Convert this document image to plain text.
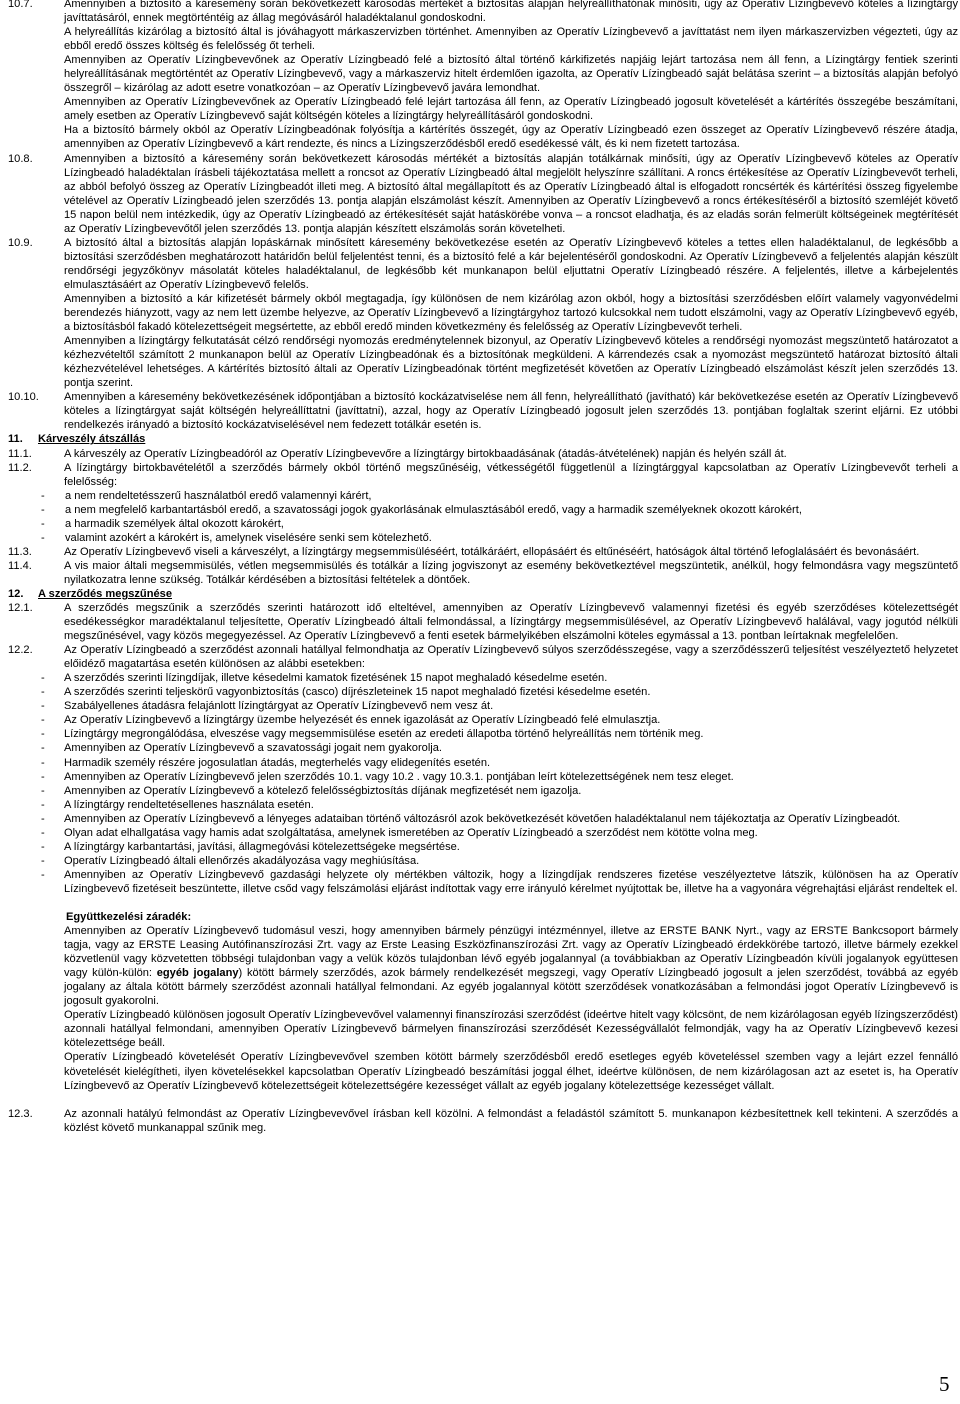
10.7.	Amennyiben a biztosító a káresemény során bekövetkezett károsodás mértékét a biztosítás alapján helyreállíthatónak minősíti, úgy az Operatív Lízingbevevő köteles a lízingtárgy javíttatásáról, ennek megtörténtéig az állag megóvásáról haladéktalanul gondoskodni.
A helyreállítás kizárólag a biztosító által is jóváhagyott márkaszervizben történhet. Amennyiben az Operatív Lízingbevevő a javíttatást nem ilyen márkaszervizben végezteti, úgy az ebből eredő összes költség és felelősség őt terheli.
Amennyiben az Operatív Lízingbevevőnek az Operatív Lízingbeadó felé a biztosító által történő kárkifizetés napjáig lejárt tartozása nem áll fenn, a Lízingtárgy fentiek szerinti helyreállításának megtörténtét az Operatív Lízingbevevő, vagy a márkaszerviz hitelt érdemlően igazolta, az Operatív Lízingbeadó saját belátása szerint – a biztosítás alapján befolyó összegről – kizárólag az adott esetre vonatkozóan – az Operatív Lízingbevevő javára lemondhat.
Amennyiben az Operatív Lízingbevevőnek az Operatív Lízingbeadó felé lejárt tartozása áll fenn, az Operatív Lízingbeadó jogosult követelését a kártérítés összegébe beszámítani, amely esetben az Operatív Lízingbevevő saját költségén köteles a lízingtárgy helyreállításáról gondoskodni.
Ha a biztosító bármely okból az Operatív Lízingbeadónak folyósítja a kártérítés összegét, úgy az Operatív Lízingbeadó ezen összeget az Operatív Lízingbevevő részére átadja, amennyiben az Operatív Lízingbevevő a kárt rendezte, és nincs a Lízingszerződésből eredő esedékessé vált, és ki nem fizetett tartozása.
10.8.	Amennyiben a biztosító a káresemény során bekövetkezett károsodás mértékét a biztosítás alapján totálkárnak minősíti, úgy az Operatív Lízingbevevő köteles az Operatív Lízingbeadó haladéktalan írásbeli tájékoztatása mellett a roncsot az Operatív Lízingbeadó által megjelölt helyszínre szállítani. A roncs értékesítése az Operatív Lízingbevevőt terheli, az abból befolyó összeg az Operatív Lízingbeadót illeti meg. A biztosító által megállapított és az Operatív Lízingbeadó által is elfogadott roncsérték és kártérítési összeg figyelembe vételével az Operatív Lízingbeadó jelen szerződés 13. pontja alapján elszámolást készít. Amennyiben az Operatív Lízingbevevő a roncs értékesítéséről a biztosító szemléjét követő 15 napon belül nem intézkedik, úgy az Operatív Lízingbeadó az értékesítését saját hatáskörébe vonva – a roncsot eladhatja, és az eladás során felmerült költségeinek megtérítését az Operatív Lízingbevevőtől jelen szerződés 13. pontja alapján készített elszámolás során követelheti.
10.9.	A biztosító által a biztosítás alapján lopáskárnak minősített káresemény bekövetkezése esetén az Operatív Lízingbevevő köteles a tettes ellen haladéktalanul, de legkésőbb a biztosítási szerződésben meghatározott határidőn belül feljelentést tenni, és a biztosító felé a kár bejelentéséről gondoskodni. Az Operatív Lízingbevevő a feljelentés alapján készült rendőrségi jegyzőkönyv másolatát köteles haladéktalanul, de legkésőbb két munkanapon belül eljuttatni Operatív Lízingbeadó részére. A feljelentés, illetve a kárbejelentés elmulasztásáért az Operatív Lízingbevevő felelős.
Amennyiben a biztosító a kár kifizetését bármely okból megtagadja, így különösen de nem kizárólag azon okból, hogy a biztosítási szerződésben előírt valamely vagyonvédelmi berendezés hiányzott, vagy az nem lett üzembe helyezve, az Operatív Lízingbevevő a lízingtárgyhoz tartozó kulcsokkal nem tudott elszámolni, vagy az Operatív Lízingbevevő egyéb, a biztosításból fakadó kötelezettségeit megsértette, az ebből eredő minden következmény és felelősség az Operatív Lízingbevevőt terheli.
Amennyiben a lízingtárgy felkutatását célzó rendőrségi nyomozás eredménytelennek bizonyul, az Operatív Lízingbevevő köteles a rendőrségi nyomozást megszüntető határozatot a kézhezvételtől számított 2 munkanapon belül az Operatív Lízingbeadónak és a biztosítónak megküldeni. A kárrendezés csak a nyomozást megszüntető határozat biztosító általi kézhezvételével lehetséges. A kártérítés biztosító általi az Operatív Lízingbeadónak történt megfizetését követően az Operatív Lízingbeadó elszámolást készít jelen szerződés 13. pontja szerint.
10.10. Amennyiben a káresemény bekövetkezésének időpontjában a biztosító kockázatviselése nem áll fenn, helyreállítható (javítható) kár bekövetkezése esetén az Operatív Lízingbevevő köteles a lízingtárgyat saját költségén helyreállíttatni (javíttatni), azzal, hogy az Operatív Lízingbeadó jogosult jelen szerződés 13. pontjában foglaltak szerint eljárni. Ez utóbbi rendelkezés irányadó a biztosító kockázatviselésével nem fedezett totálkár esetén is.
11. Kárveszély átszállás
11.1.	A kárveszély az Operatív Lízingbeadóról az Operatív Lízingbevevőre a lízingtárgy birtokbaadásának (átadás-átvételének) napján és helyén száll át.
11.2.	A lízingtárgy birtokbavételétől a szerződés bármely okból történő megszűnéséig, vétkességétől függetlenül a lízingtárggyal kapcsolatban az Operatív Lízingbevevőt terheli a felelősség:
- a nem rendeltetésszerű használatból eredő valamennyi kárért,
- a nem megfelelő karbantartásból eredő, a szavatossági jogok gyakorlásának elmulasztásából eredő, vagy a harmadik személyeknek okozott károkért,
- a harmadik személyek által okozott károkért,
- valamint azokért a károkért is, amelynek viselésére senki sem kötelezhető.
11.3.	Az Operatív Lízingbevevő viseli a kárveszélyt, a lízingtárgy megsemmisüléséért, totálkáráért, ellopásáért és eltűnéséért, hatóságok által történő lefoglalásáért és bevonásáért.
11.4.	A vis maior általi megsemmisülés, vétlen megsemmisülés és totálkár a lízing jogviszonyt az esemény bekövetkeztével megszüntetik, anélkül, hogy felmondásra vagy megszüntető nyilatkozatra lenne szükség. Totálkár kérdésében a biztosítási feltételek a döntőek.
12. A szerződés megszűnése
12.1.	A szerződés megszűnik a szerződés szerinti határozott idő elteltével, amennyiben az Operatív Lízingbevevő valamennyi fizetési és egyéb szerződéses kötelezettségét esedékességkor maradéktalanul teljesítette, Operatív Lízingbeadó általi felmondással, a lízingtárgy megsemmisülésével, az Operatív Lízingbevevő halálával, vagy jogutód nélküli megszűnésével, vagy közös megegyezéssel. Az Operatív Lízingbevevő a fenti esetek bármelyikében elszámolni köteles egymással a 13. pontban leírtaknak megfelelően.
12.2.	Az Operatív Lízingbeadó a szerződést azonnali hatállyal felmondhatja az Operatív Lízingbevevő súlyos szerződésszegése, vagy a szerződésszerű teljesítést veszélyeztető helyzetet előidéző magatartása esetén különösen az alábbi esetekben:
- A szerződés szerinti lízingdíjak, illetve késedelmi kamatok fizetésének 15 napot meghaladó késedelme esetén.
- A szerződés szerinti teljeskörű vagyonbiztosítás (casco) díjrészleteinek 15 napot meghaladó fizetési késedelme esetén.
- Szabályellenes átadásra felajánlott lízingtárgyat az Operatív Lízingbevevő nem vesz át.
- Az Operatív Lízingbevevő a lízingtárgy üzembe helyezését és ennek igazolását az Operatív Lízingbeadó felé elmulasztja.
- Lízingtárgy megrongálódása, elveszése vagy megsemmisülése esetén az eredeti állapotba történő helyreállítás nem történik meg.
- Amennyiben az Operatív Lízingbevevő a szavatossági jogait nem gyakorolja.
- Harmadik személy részére jogosulatlan átadás, megterhelés vagy elidegenítés esetén.
- Amennyiben az Operatív Lízingbevevő jelen szerződés 10.1. vagy 10.2 . vagy 10.3.1. pontjában leírt kötelezettségének nem tesz eleget.
- Amennyiben az Operatív Lízingbevevő a kötelező felelősségbiztosítás díjának megfizetését nem igazolja.
- A lízingtárgy rendeltetésellenes használata esetén.
- Amennyiben az Operatív Lízingbevevő a lényeges adataiban történő változásról azok bekövetkezését követően haladéktalanul nem tájékoztatja az Operatív Lízingbeadót.
- Olyan adat elhallgatása vagy hamis adat szolgáltatása, amelynek ismeretében az Operatív Lízingbeadó a szerződést nem kötötte volna meg.
- A lízingtárgy karbantartási, javítási, állagmegóvási kötelezettségeke megsértése.
- Operatív Lízingbeadó általi ellenőrzés akadályozása vagy meghiúsítása.
- Amennyiben az Operatív Lízingbevevő gazdasági helyzete oly mértékben változik, hogy a lízingdíjak rendszeres fizetése veszélyeztetve látszik, különösen ha az Operatív Lízingbevevő fizetéseit beszüntette, illetve csőd vagy felszámolási eljárást indítottak vagy erre irányuló kérelmet nyújtottak be, illetve ha a vagyonára végrehajtási eljárást rendeltek el.
Együttkezelési záradék:
Amennyiben az Operatív Lízingbevevő tudomásul veszi, hogy amennyiben bármely pénzügyi intézménnyel, illetve az ERSTE BANK Nyrt., vagy az ERSTE Bankcsoport bármely tagja, vagy az ERSTE Leasing Autófinanszírozási Zrt. vagy az Erste Leasing Eszközfinanszírozási Zrt. vagy az Operatív Lízingbeadó érdekkörébe tartozó, illetve bármely ezekkel közvetlenül vagy közvetetten többségi tulajdonban vagy a velük közös tulajdonban lévő egyéb jogalannyal (a továbbiakban az Operatív Lízingbeadón kívüli jogalanyok együttesen vagy külön-külön: egyéb jogalany) kötött bármely szerződés, azok bármely rendelkezését megszegi, vagy Operatív Lízingbeadó jogosult a jelen szerződést, továbbá az egyéb jogalany az általa kötött bármely szerződést azonnali hatállyal felmondani. Az egyéb jogalannyal kötött szerződések vonatkozásában a felmondási jogot Operatív Lízingbevevő is jogosult gyakorolni.
Operatív Lízingbeadó különösen jogosult Operatív Lízingbevevővel valamennyi finanszírozási szerződést (ideértve hitelt vagy kölcsönt, de nem kizárólagosan egyéb lízingszerződést) azonnali hatállyal felmondani, amennyiben Operatív Lízingbevevő bármelyen finanszírozási szerződését Kezességvállalót felmondják, vagy ha az Operatív Lízingbevevő kezesi kötelezettsége beáll.
Operatív Lízingbeadó követelését Operatív Lízingbevevővel szemben kötött bármely szerződésből eredő esetleges egyéb követeléssel szemben vagy a lejárt ezzel fennálló követelését kielégítheti, ilyen követelésekkel kapcsolatban Operatív Lízingbeadó beszámítási joggal élhet, ideértve különösen, de nem kizárólagosan azt az esetet is, ha Operatív Lízingbevevő az Operatív Lízingbevevő kötelezettségeit kötelezettségére kezességet vállalt az egyéb jogalany kötelezettsége kezességet vállalt.
12.3.	Az azonnali hatályú felmondást az Operatív Lízingbevevővel írásban kell közölni. A felmondást a feladástól számított 5. munkanapon kézbesítettnek kell tekinteni. A szerződés a közlést követő munkanappal szűnik meg.
5
